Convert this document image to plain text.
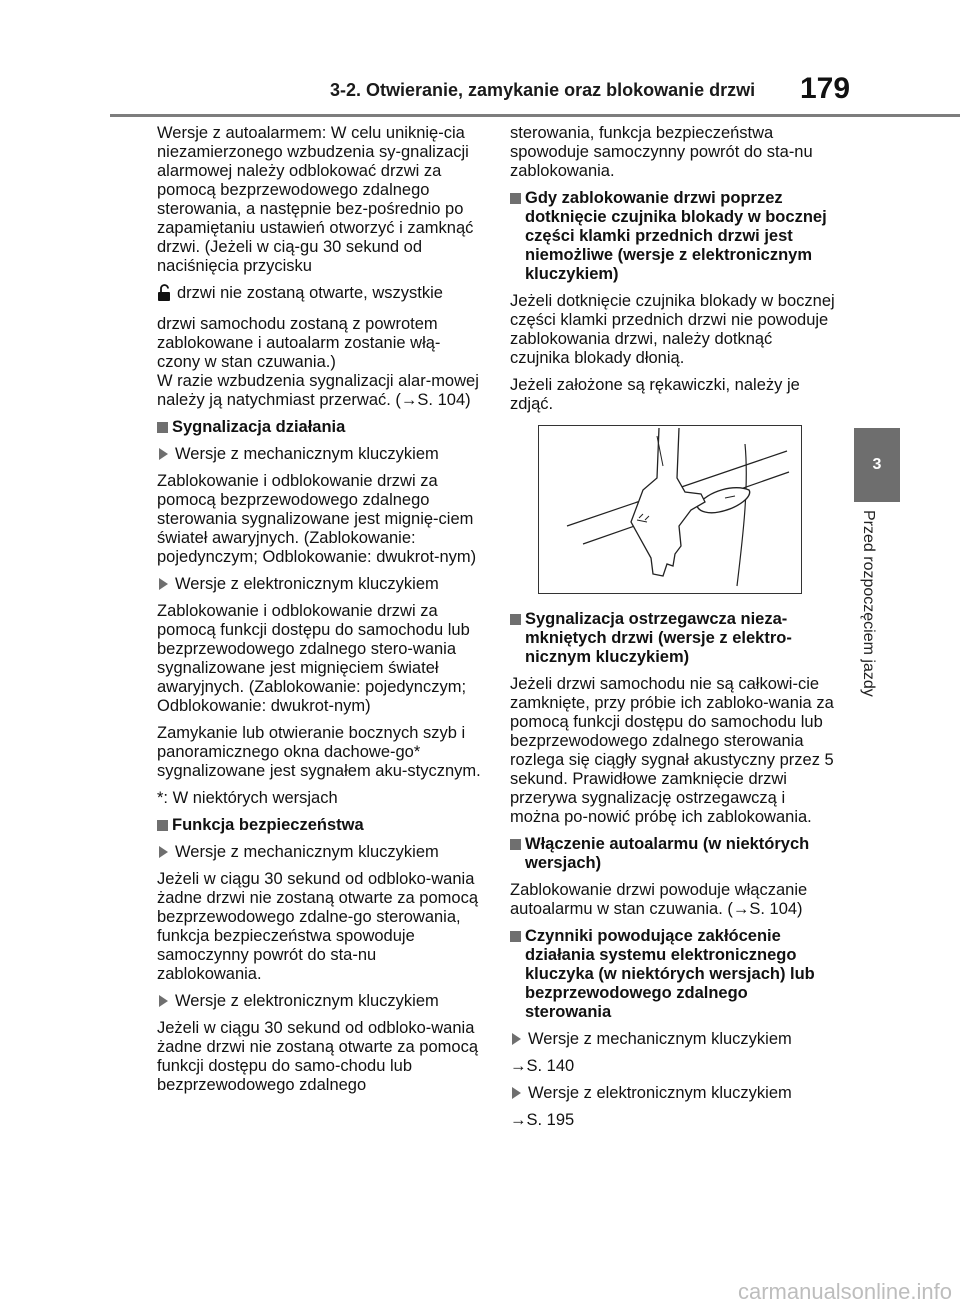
3-2. Otwieranie, zamykanie oraz blokowanie drzwi 179
3
Przed rozpoczęciem jazdy

Wersje z autoalarmem: W celu uniknię-cia niezamierzonego wzbudzenia sy-gnalizacji alarmowej należy odblokować drzwi za pomocą bezprzewodowego zdalnego sterowania, a następnie bez-pośrednio po zapamiętaniu ustawień otworzyć i zamknąć drzwi. (Jeżeli w cią-gu 30 sekund od naciśnięcia przycisku

drzwi nie zostaną otwarte, wszystkie

drzwi samochodu zostaną z powrotem zablokowane i autoalarm zostanie włą-czony w stan czuwania.)

W razie wzbudzenia sygnalizacji alar-mowej należy ją natychmiast przerwać. (→S. 104)

Sygnalizacja działania
Wersje z mechanicznym kluczykiem

Zablokowanie i odblokowanie drzwi za pomocą bezprzewodowego zdalnego sterowania sygnalizowane jest mignię-ciem świateł awaryjnych. (Zablokowanie: pojedynczym; Odblokowanie: dwukrot-nym)

Wersje z elektronicznym kluczykiem

Zablokowanie i odblokowanie drzwi za pomocą funkcji dostępu do samochodu lub bezprzewodowego zdalnego stero-wania sygnalizowane jest mignięciem świateł awaryjnych. (Zablokowanie: pojedynczym; Odblokowanie: dwukrot-nym)

Zamykanie lub otwieranie bocznych szyb i panoramicznego okna dachowe-go* sygnalizowane jest sygnałem aku-stycznym.

*: W niektórych wersjach

Funkcja bezpieczeństwa
Wersje z mechanicznym kluczykiem

Jeżeli w ciągu 30 sekund od odbloko-wania żadne drzwi nie zostaną otwarte za pomocą bezprzewodowego zdalne-go sterowania, funkcja bezpieczeństwa spowoduje samoczynny powrót do sta-nu zablokowania.

Wersje z elektronicznym kluczykiem

Jeżeli w ciągu 30 sekund od odbloko-wania żadne drzwi nie zostaną otwarte za pomocą funkcji dostępu do samo-chodu lub bezprzewodowego zdalnego

sterowania, funkcja bezpieczeństwa spowoduje samoczynny powrót do sta-nu zablokowania.

Gdy zablokowanie drzwi poprzez dotknięcie czujnika blokady w bocznej części klamki przednich drzwi jest niemożliwe (wersje z elektronicznym kluczykiem)

Jeżeli dotknięcie czujnika blokady w bocznej części klamki przednich drzwi nie powoduje zablokowania drzwi, należy dotknąć czujnika blokady dłonią.

Jeżeli założone są rękawiczki, należy je zdjąć.

Sygnalizacja ostrzegawcza nieza-mkniętych drzwi (wersje z elektro-nicznym kluczykiem)

Jeżeli drzwi samochodu nie są całkowi-cie zamknięte, przy próbie ich zabloko-wania za pomocą funkcji dostępu do samochodu lub bezprzewodowego zdalnego sterowania rozlega się ciągły sygnał akustyczny przez 5 sekund. Prawidłowe zamknięcie drzwi przerywa sygnalizację ostrzegawczą i można po-nowić próbę ich zablokowania.

Włączenie autoalarmu (w niektórych wersjach)

Zablokowanie drzwi powoduje włączanie autoalarmu w stan czuwania. (→S. 104)

Czynniki powodujące zakłócenie działania systemu elektronicznego kluczyka (w niektórych wersjach) lub bezprzewodowego zdalnego sterowania
Wersje z mechanicznym kluczykiem

→S. 140

Wersje z elektronicznym kluczykiem

→S. 195

carmanualsonline.info
